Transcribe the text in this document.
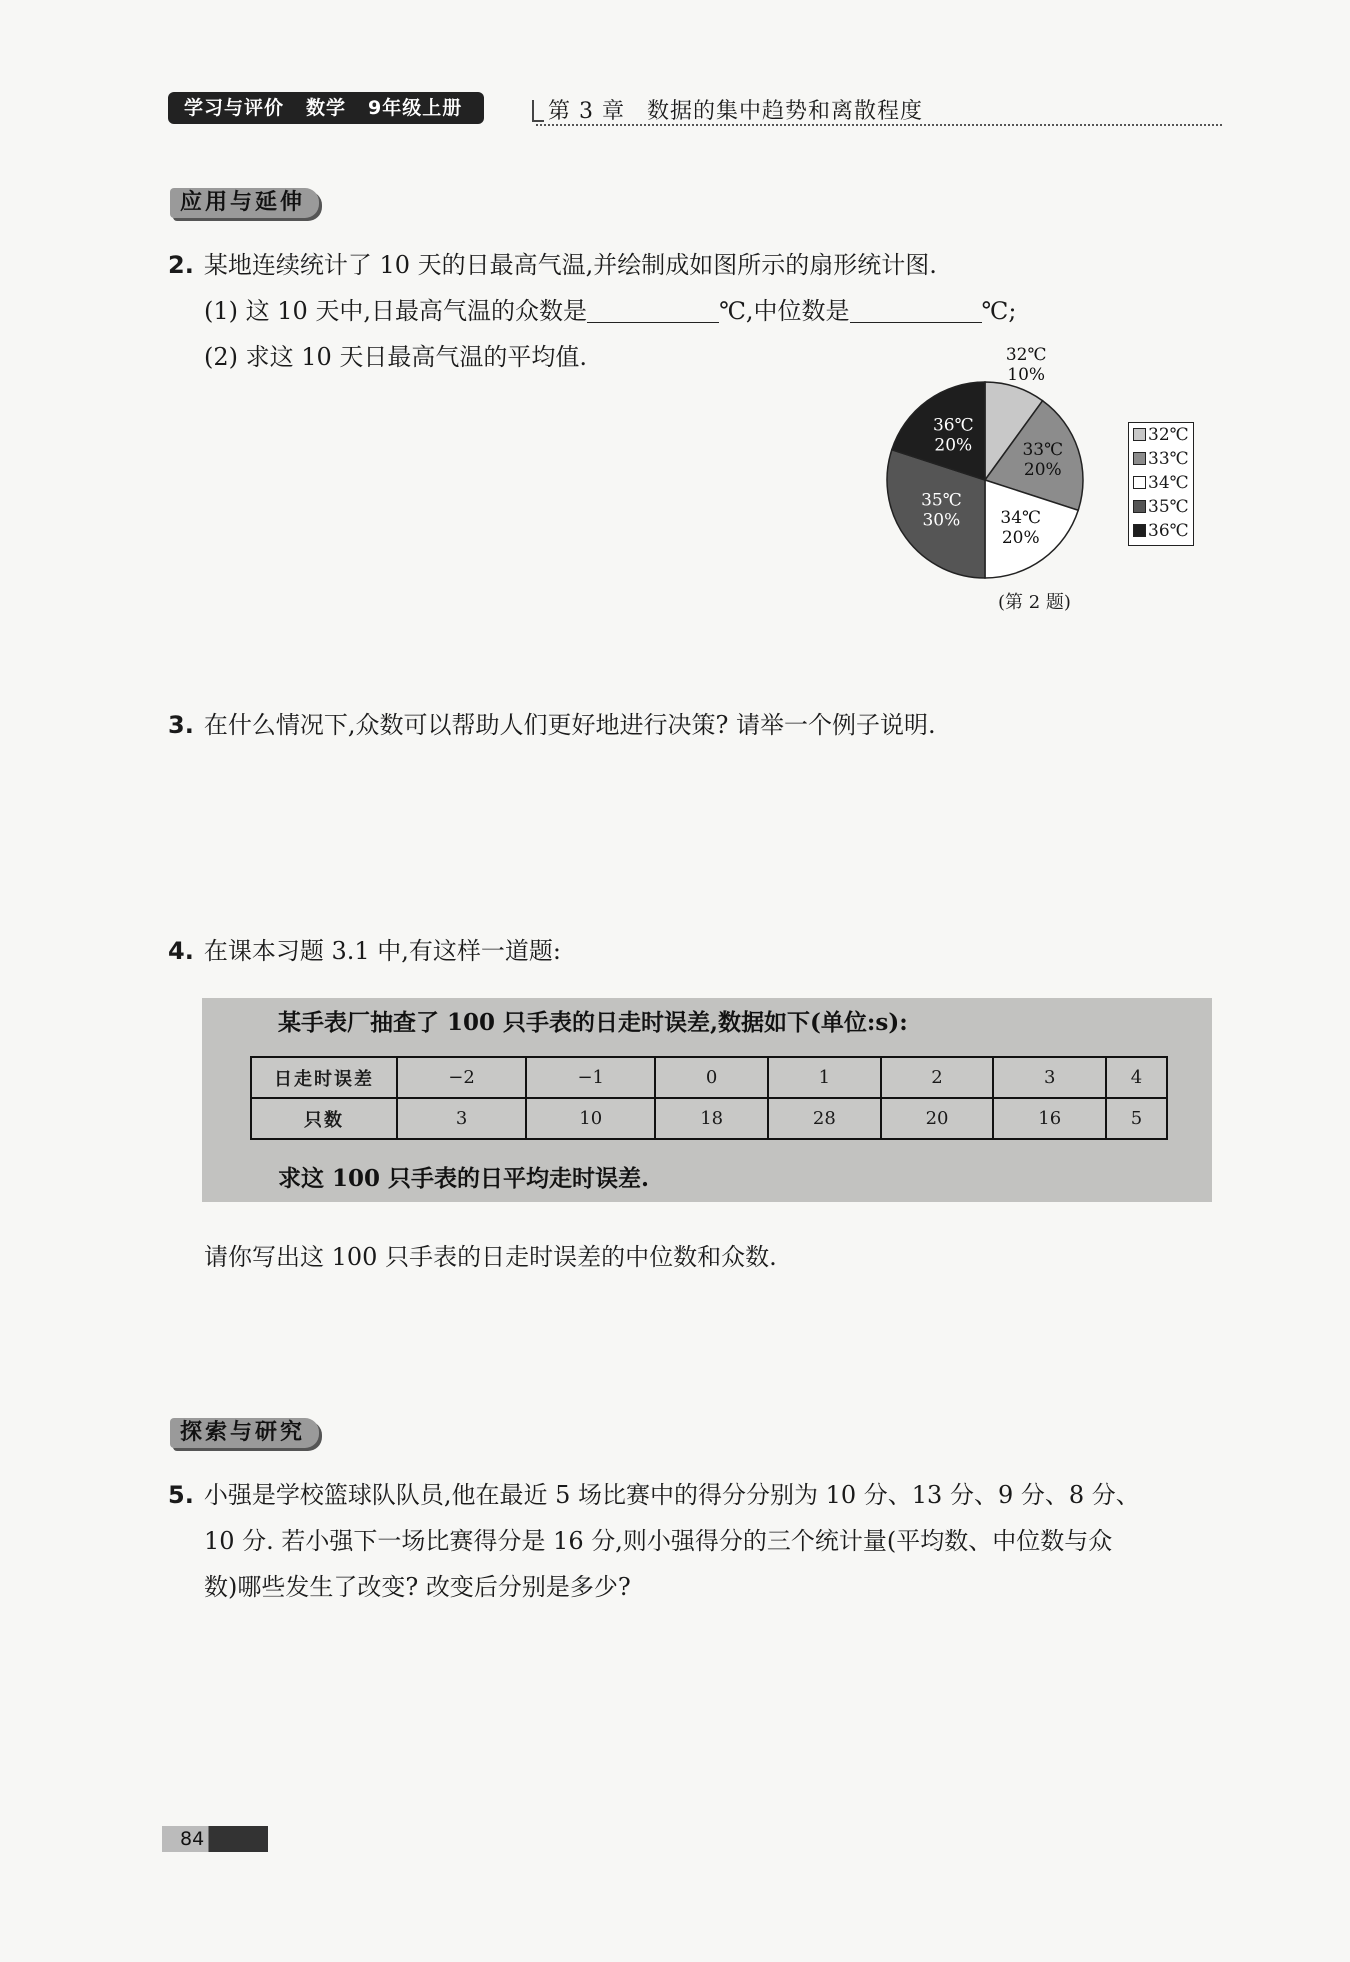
学习与评价 数学 9年级上册	第 3 章 数据的集中趋势和离散程度
应用与延伸
2. 某地连续统计了 10 天的日最高气温,并绘制成如图所示的扇形统计图.
(1) 这 10 天中,日最高气温的众数是	℃,中位数是	℃;
(2) 求这 10 天日最高气温的平均值.	32℃
10%
33℃
20%
34℃
20%
35℃
30%
36℃
20%
32℃
33℃
34℃
35℃
36℃
(第 2 题)
3. 在什么情况下,众数可以帮助人们更好地进行决策? 请举一个例子说明.
4. 在课本习题 3.1 中,有这样一道题:
某手表厂抽查了 100 只手表的日走时误差,数据如下(单位:s):
日走时误差	−2	−1	0	1	2	3	4
只数	3	10	18	28	20	16	5
求这 100 只手表的日平均走时误差.
请你写出这 100 只手表的日走时误差的中位数和众数.
探索与研究
5. 小强是学校篮球队队员,他在最近 5 场比赛中的得分分别为 10 分、13 分、9 分、8 分、
10 分. 若小强下一场比赛得分是 16 分,则小强得分的三个统计量(平均数、中位数与众
数)哪些发生了改变? 改变后分别是多少?
84
